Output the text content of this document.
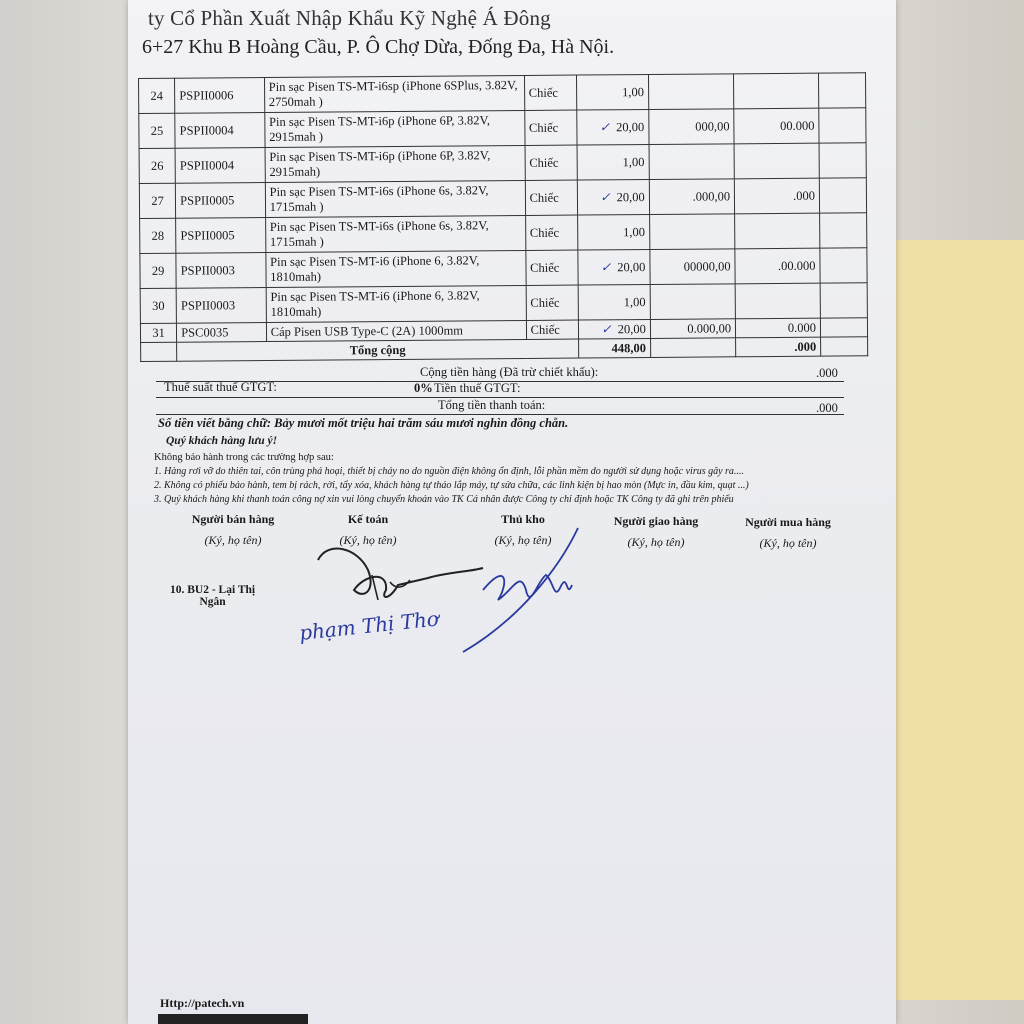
ty Cổ Phần Xuất Nhập Khẩu Kỹ Nghệ Á Đông
6+27 Khu B Hoàng Cầu, P. Ô Chợ Dừa, Đống Đa, Hà Nội.
24	PSPII0006	Pin sạc Pisen TS-MT-i6sp (iPhone 6SPlus, 3.82V, 2750mah )	Chiếc	1,00			
25	PSPII0004	Pin sạc Pisen TS-MT-i6p (iPhone 6P, 3.82V, 2915mah )	Chiếc	✓ 20,00	000,00	00.000	
26	PSPII0004	Pin sạc Pisen TS-MT-i6p (iPhone 6P, 3.82V, 2915mah)	Chiếc	1,00			
27	PSPII0005	Pin sạc Pisen TS-MT-i6s (iPhone 6s, 3.82V, 1715mah )	Chiếc	✓ 20,00	.000,00	.000	
28	PSPII0005	Pin sạc Pisen TS-MT-i6s (iPhone 6s, 3.82V, 1715mah )	Chiếc	1,00			
29	PSPII0003	Pin sạc Pisen TS-MT-i6 (iPhone 6, 3.82V, 1810mah)	Chiếc	✓ 20,00	00000,00	.00.000	
30	PSPII0003	Pin sạc Pisen TS-MT-i6 (iPhone 6, 3.82V, 1810mah)	Chiếc	1,00			
31	PSC0035	Cáp Pisen USB Type-C (2A) 1000mm	Chiếc	✓ 20,00	0.000,00	0.000	
	Tổng cộng			448,00		.000	
Cộng tiền hàng (Đã trừ chiết khấu):	.000
Thuế suất thuế GTGT:	0% Tiền thuế GTGT:
Tổng tiền thanh toán:	.000
Số tiền viết bằng chữ: Bảy mươi mốt triệu hai trăm sáu mươi nghìn đồng chẵn.
Quý khách hàng lưu ý!
Không bảo hành trong các trường hợp sau:
1. Hàng rơi vỡ do thiên tai, côn trùng phá hoại, thiết bị cháy no do nguồn điện không ổn định, lỗi phần mềm do người sử dụng hoặc virus gây ra....
2. Không có phiếu bảo hành, tem bị rách, rời, tẩy xóa, khách hàng tự tháo lắp máy, tự sửa chữa, các linh kiện bị hao mòn (Mực in, đầu kim, quạt ...)
3. Quý khách hàng khi thanh toán công nợ xin vui lòng chuyển khoản vào TK Cá nhân được Công ty chỉ định hoặc TK Công ty đã ghi trên phiếu
Người bán hàng
(Ký, họ tên)
Kế toán
(Ký, họ tên)
Thủ kho
(Ký, họ tên)
Người giao hàng
(Ký, họ tên)
Người mua hàng
(Ký, họ tên)
10. BU2 - Lại Thị
Ngân
phạm Thị Thơ
Http://patech.vn
